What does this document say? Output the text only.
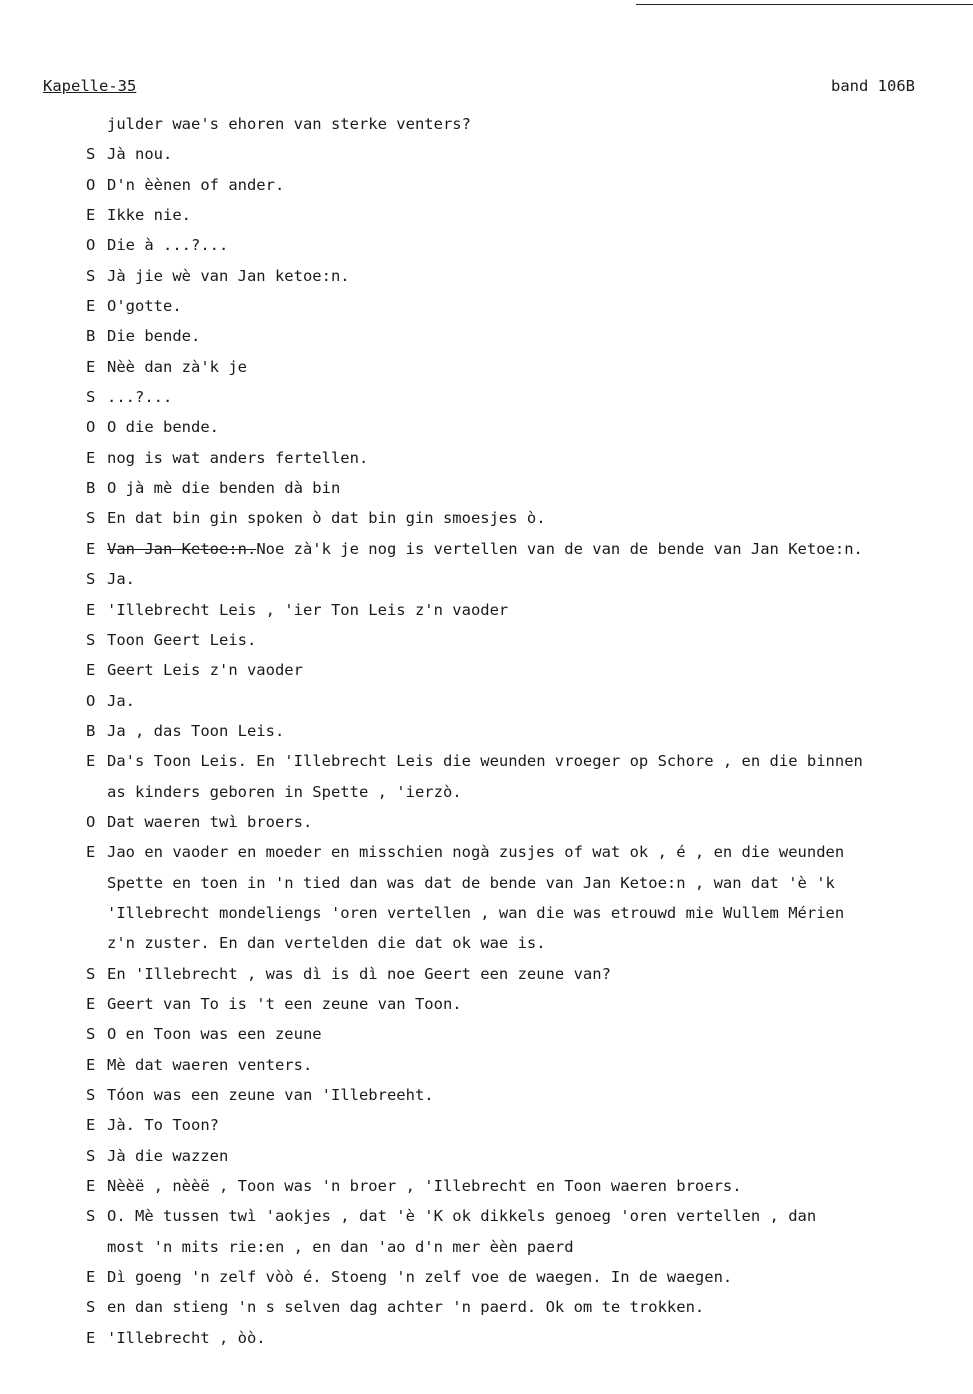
Kapelle-35	band 106B
julder wae's ehoren van sterke venters?
S Jà nou.
O D'n èènen of ander.
E Ikke nie.
O Die à ...?...
S Jà jie wè van Jan ketoe:n.
E O'gotte.
B Die bende.
E Nèè dan zà'k je
S ...?...
O O die bende.
E nog is wat anders fertellen.
B O jà mè die benden dà bin
S En dat bin gin spoken ò dat bin gin smoesjes ò.
E Van Jan Ketoe:n.Noe zà'k je nog is vertellen van de van de bende van Jan Ketoe:n.
S Ja.
E 'Illebrecht Leis , 'ier Ton Leis z'n vaoder
S Toon Geert Leis.
E Geert Leis z'n vaoder
O Ja.
B Ja , das Toon Leis.
E Da's Toon Leis. En 'Illebrecht Leis die weunden vroeger op Schore , en die binnen
as kinders geboren in Spette , 'ierzò.
O Dat waeren twì broers.
E Jao en vaoder en moeder en misschien nogà zusjes of wat ok , é , en die weunden
Spette en toen in 'n tied dan was dat de bende van Jan Ketoe:n , wan dat 'è 'k
'Illebrecht mondeliengs 'oren vertellen , wan die was etrouwd mie Wullem Mérien
z'n zuster. En dan vertelden die dat ok wae is.
S En 'Illebrecht , was dì is dì noe Geert een zeune van?
E Geert van To is 't een zeune van Toon.
S O en Toon was een zeune
E Mè dat waeren venters.
S Tóon was een zeune van 'Illebreeht.
E Jà. To Toon?
S Jà die wazzen
E Nèèë , nèèë , Toon was 'n broer , 'Illebrecht en Toon waeren broers.
S O. Mè tussen twì 'aokjes , dat 'è 'K ok dikkels genoeg 'oren vertellen , dan
most 'n mits rie:en , en dan 'ao d'n mer èèn paerd
E Dì goeng 'n zelf vòò é. Stoeng 'n zelf voe de waegen. In de waegen.
S en dan stieng 'n s selven dag achter 'n paerd. Ok om te trokken.
E 'Illebrecht , òò.
